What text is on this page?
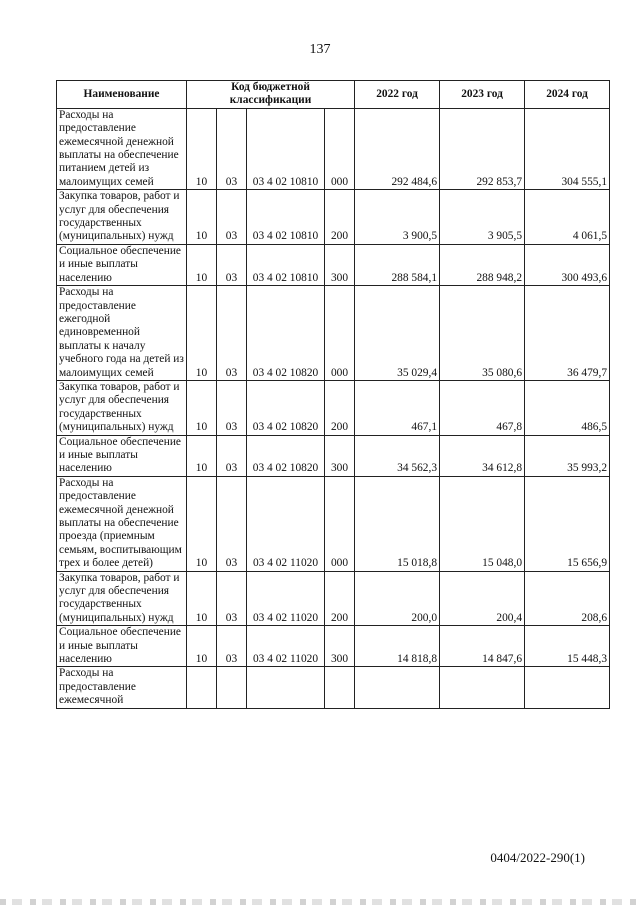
137
Наименование	Код бюджетной классификации				2022 год	2023 год	2024 год
Расходы на предоставление ежемесячной денежной выплаты на обеспечение питанием детей из малоимущих семей	10	03	03 4 02 10810	000	292 484,6	292 853,7	304 555,1
Закупка товаров, работ и услуг для обеспечения государственных (муниципальных) нужд	10	03	03 4 02 10810	200	3 900,5	3 905,5	4 061,5
Социальное обеспечение и иные выплаты населению	10	03	03 4 02 10810	300	288 584,1	288 948,2	300 493,6
Расходы на предоставление ежегодной единовременной выплаты к началу учебного года на детей из малоимущих семей	10	03	03 4 02 10820	000	35 029,4	35 080,6	36 479,7
Закупка товаров, работ и услуг для обеспечения государственных (муниципальных) нужд	10	03	03 4 02 10820	200	467,1	467,8	486,5
Социальное обеспечение и иные выплаты населению	10	03	03 4 02 10820	300	34 562,3	34 612,8	35 993,2
Расходы на предоставление ежемесячной денежной выплаты на обеспечение проезда (приемным семьям, воспитывающим трех и более детей)	10	03	03 4 02 11020	000	15 018,8	15 048,0	15 656,9
Закупка товаров, работ и услуг для обеспечения государственных (муниципальных) нужд	10	03	03 4 02 11020	200	200,0	200,4	208,6
Социальное обеспечение и иные выплаты населению	10	03	03 4 02 11020	300	14 818,8	14 847,6	15 448,3
Расходы на предоставление ежемесячной							
0404/2022-290(1)
